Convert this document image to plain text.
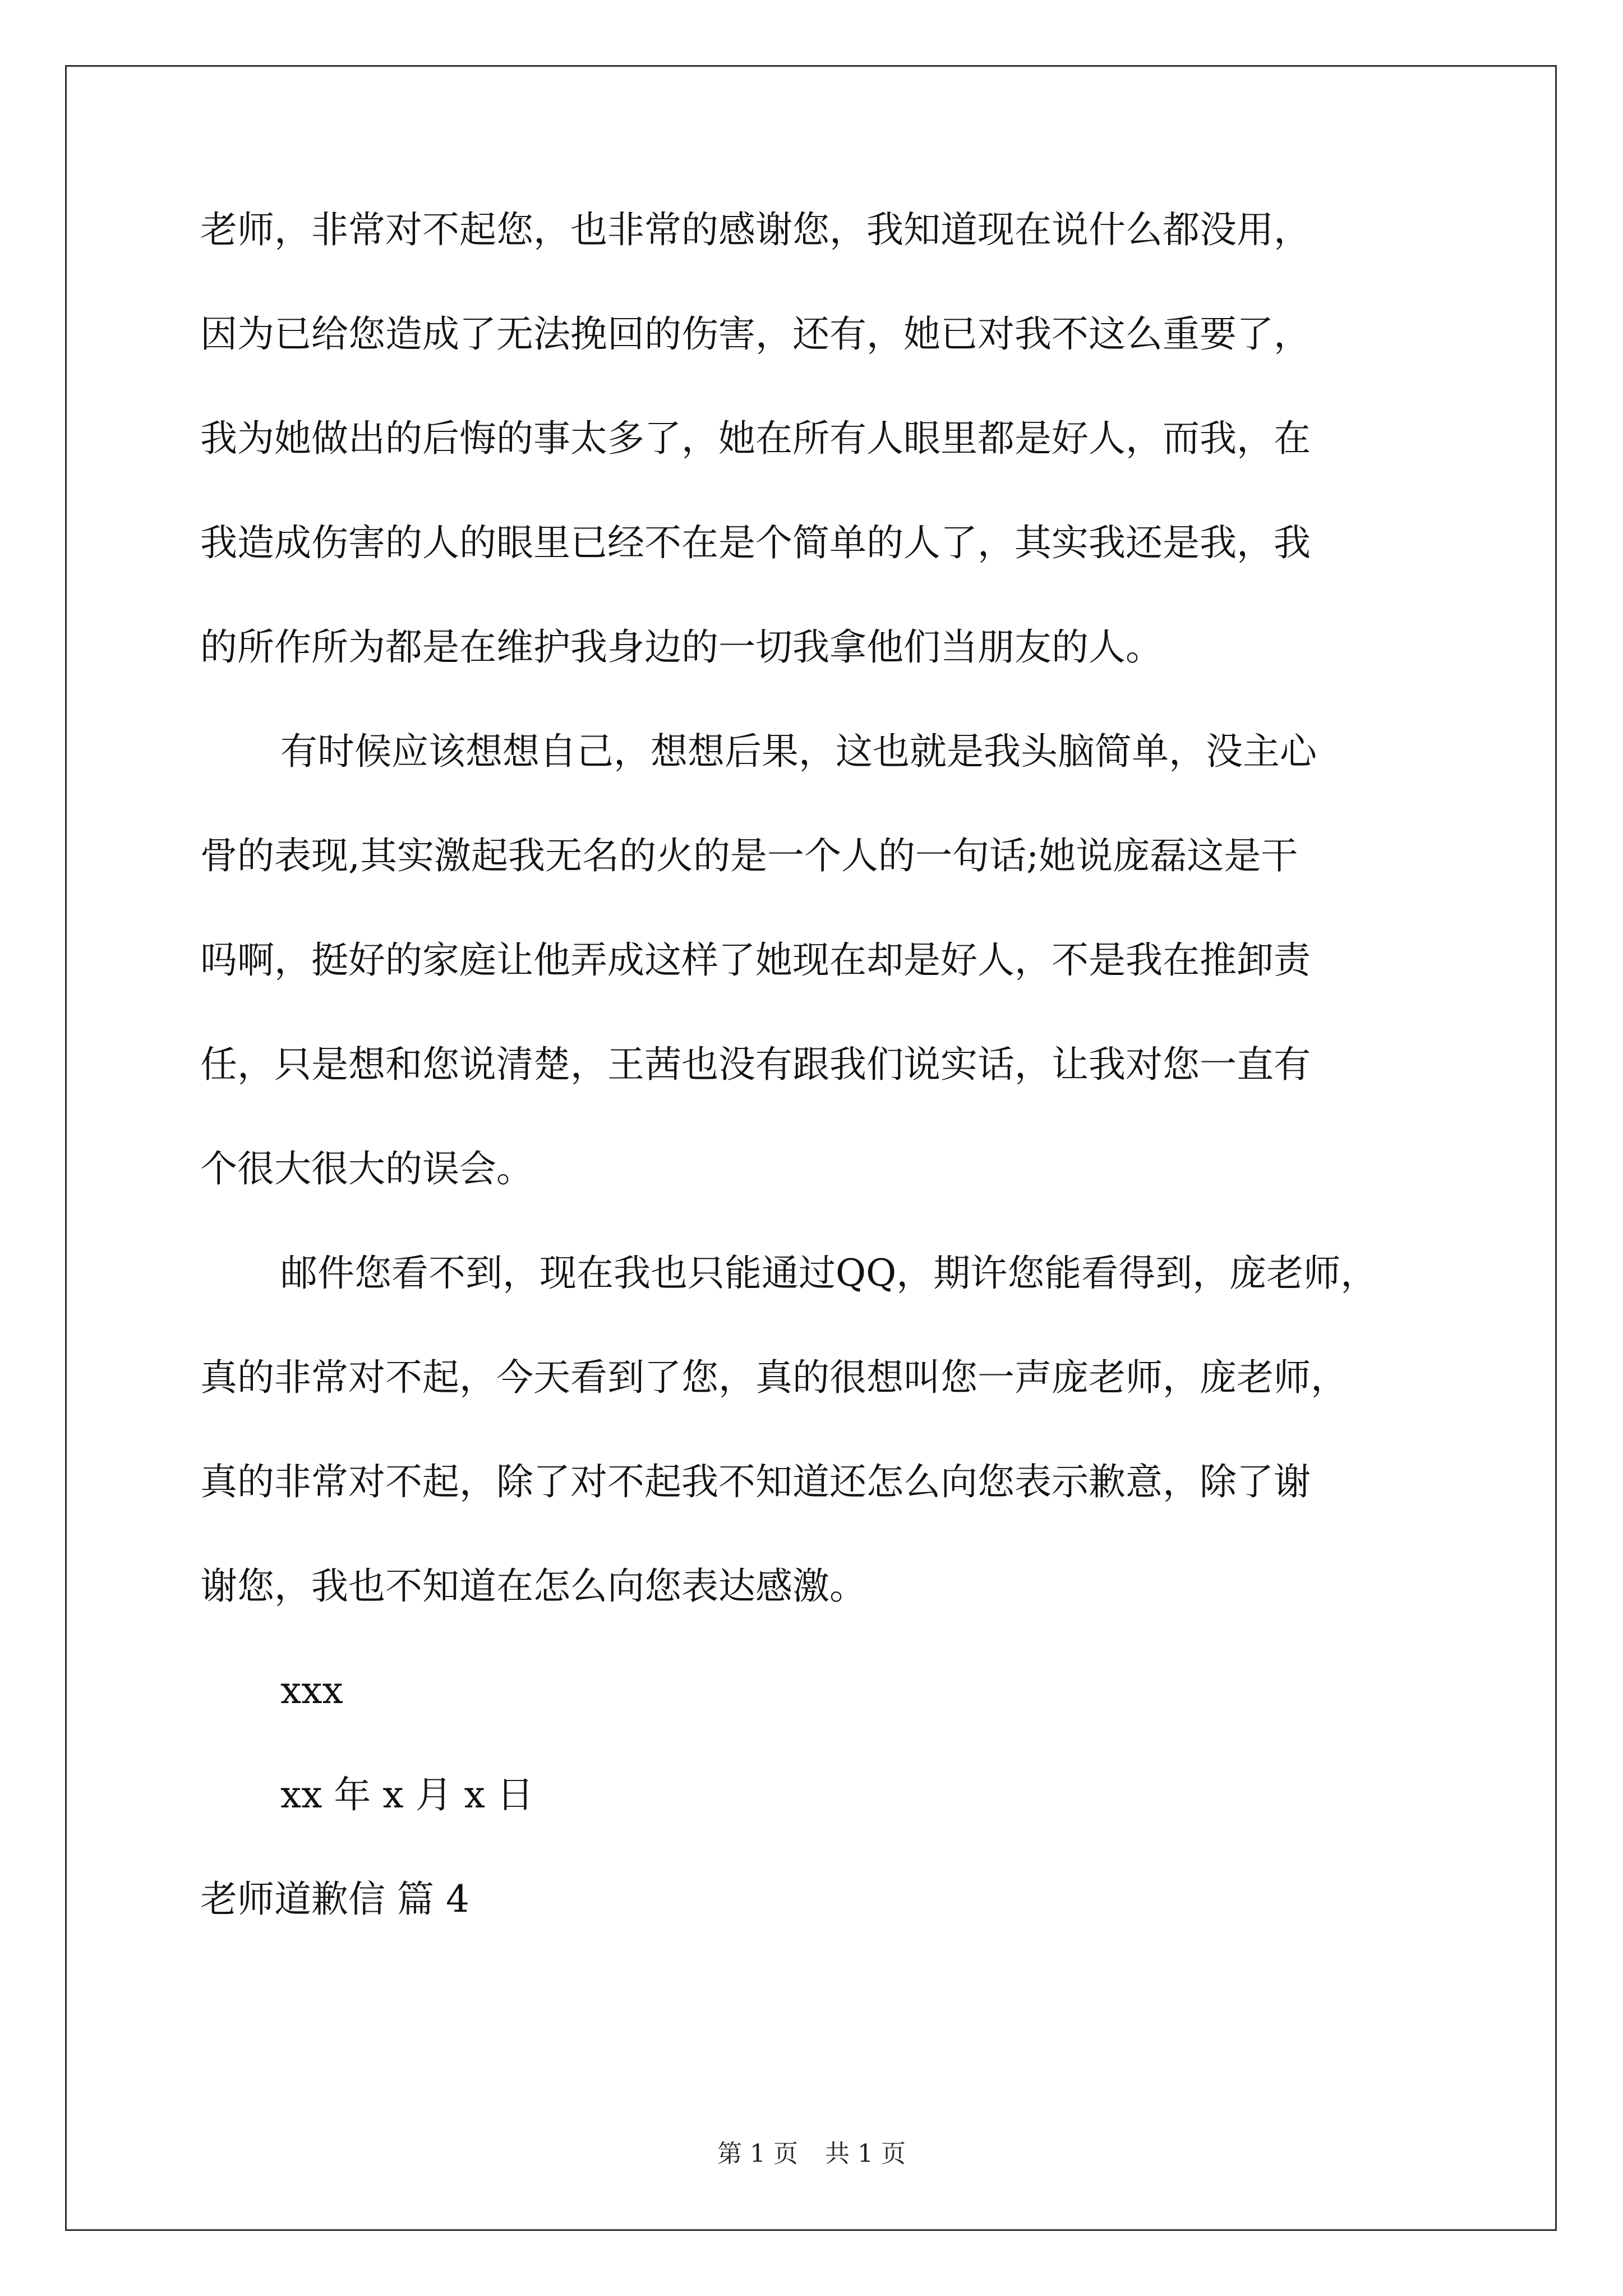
老师，非常对不起您，也非常的感谢您，我知道现在说什么都没用，
因为已给您造成了无法挽回的伤害，还有，她已对我不这么重要了，
我为她做出的后悔的事太多了，她在所有人眼里都是好人，而我，在
我造成伤害的人的眼里已经不在是个简单的人了，其实我还是我，我
的所作所为都是在维护我身边的一切我拿他们当朋友的人。
有时候应该想想自己，想想后果，这也就是我头脑简单，没主心
骨的表现,其实激起我无名的火的是一个人的一句话;她说庞磊这是干
吗啊，挺好的家庭让他弄成这样了她现在却是好人，不是我在推卸责
任，只是想和您说清楚，王茜也没有跟我们说实话，让我对您一直有
个很大很大的误会。
邮件您看不到，现在我也只能通过QQ，期许您能看得到，庞老师，
真的非常对不起，今天看到了您，真的很想叫您一声庞老师，庞老师，
真的非常对不起，除了对不起我不知道还怎么向您表示歉意，除了谢
谢您，我也不知道在怎么向您表达感激。
xxx
xx 年 x 月 x 日
老师道歉信 篇 4
第 1 页 共 1 页
